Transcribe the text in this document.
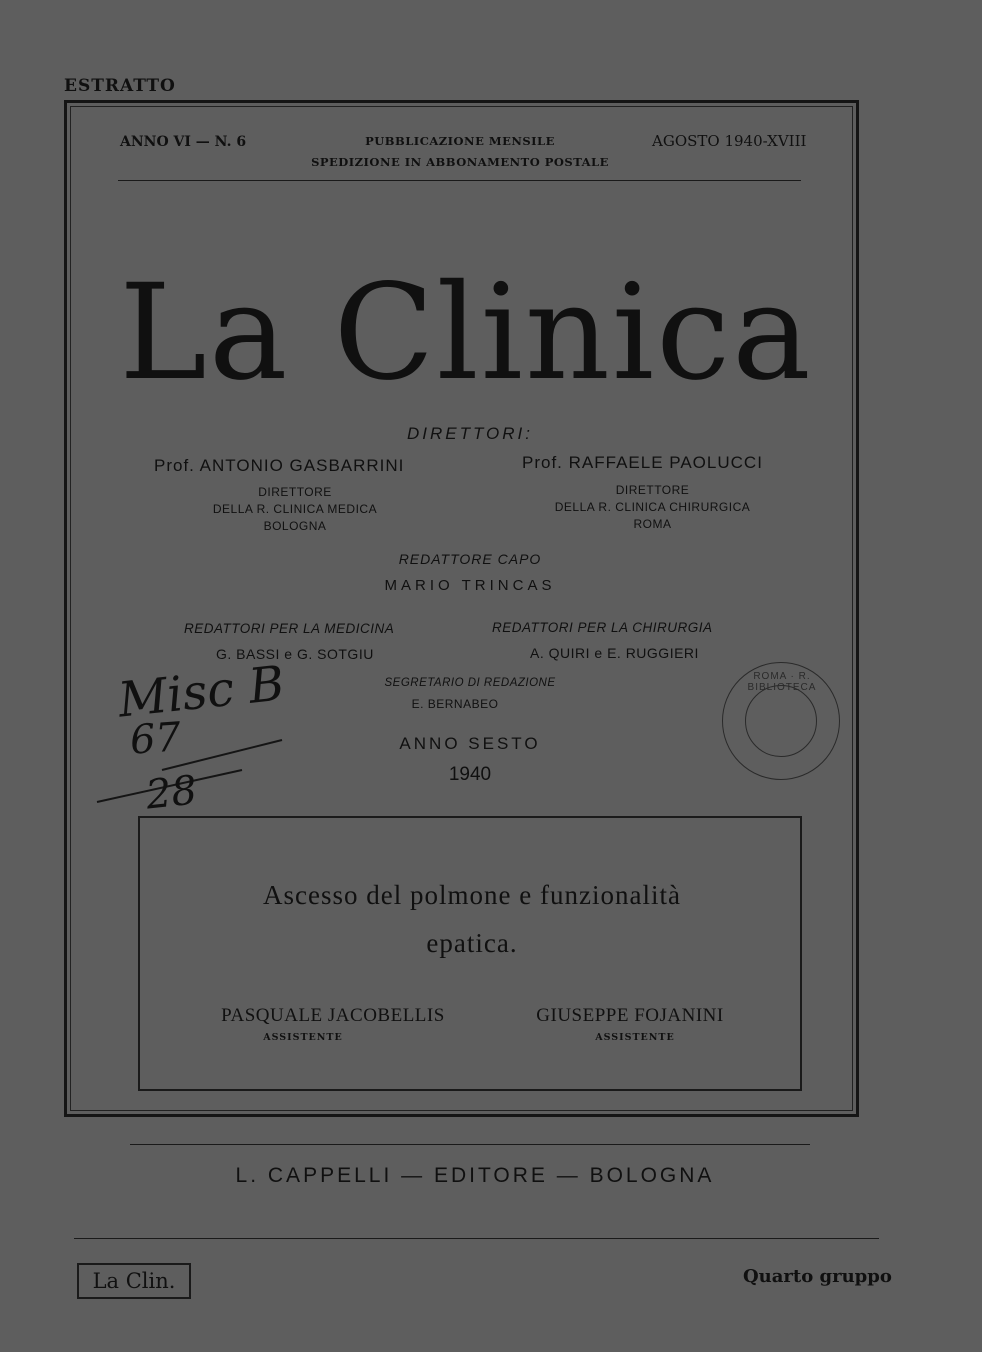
ESTRATTO
ANNO VI — N. 6	PUBBLICAZIONE MENSILE
SPEDIZIONE IN ABBONAMENTO POSTALE
AGOSTO 1940-XVIII
La Clinica
DIRETTORI:
Prof. ANTONIO GASBARRINI
DIRETTORE
DELLA R. CLINICA MEDICA
BOLOGNA
Prof. RAFFAELE PAOLUCCI
DIRETTORE
DELLA R. CLINICA CHIRURGICA
ROMA
REDATTORE CAPO
MARIO TRINCAS
REDATTORI PER LA MEDICINA
G. BASSI e G. SOTGIU
REDATTORI PER LA CHIRURGIA
A. QUIRI e E. RUGGIERI
SEGRETARIO DI REDAZIONE
E. BERNABEO
ANNO SESTO
1940
Misc B
67
28
ROMA · R. BIBLIOTECA
Ascesso del polmone e funzionalità
epatica.
PASQUALE JACOBELLIS
ASSISTENTE
GIUSEPPE FOJANINI
ASSISTENTE
L. CAPPELLI — EDITORE — BOLOGNA
La Clin.	Quarto gruppo
